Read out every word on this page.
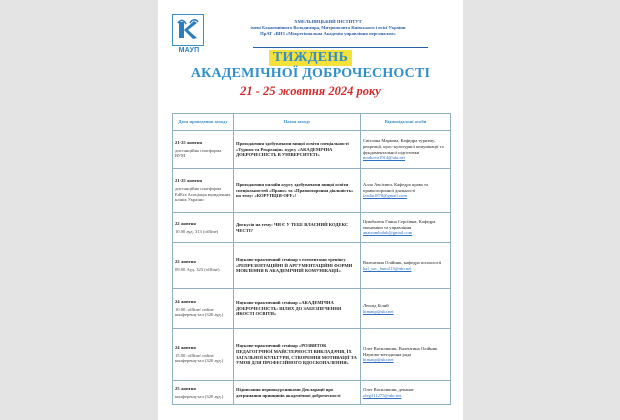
МАУП
ХМЕЛЬНИЦЬКИЙ ІНСТИТУТ
імені Блаженнішого Володимира, Митрополита Київського і всієї України
ПрАТ «ВНЗ «Міжрегіональна Академія управління персоналом»
ТИЖДЕНЬ
АКАДЕМІЧНОЇ ДОБРОЧЕСНОСТІ
21 - 25 жовтня 2024 року
Дата проведення заходу	Назва заходу	Відповідальні особи

21-25 жовтня
дистанційна платформа ВУМ	Проходження здобувачами вищої освіти спеціальності «Туризм та Рекреація» курсу «АКАДЕМІЧНА ДОБРОЧЕСНІСТЬ В УНІВЕРСИТЕТІ»	Світлана Маркова, Кафедра туризму, рекреації, крос-культурної комунікації та фундаментальної підготовки
markova1914@ukr.net

21-25 жовтня
дистанційна платформа EdEra Асоціація юридичних клінік України	Проходження онлайн курсу здобувачами вищої освіти спеціальностей «Право» та «Правоохоронна діяльність» на тему: «КОРУПЦІЯ-OFF»!	Алла Авсієвич, Кафедра права та правоохоронної діяльності
faisha1878@gmail.com

22 жовтня
10.00 ауд. 313 (offline)	Дискусія на тему: ЧИ Є У ТЕБЕ ВЛАСНИЙ КОДЕКС ЧЕСТІ?	Цимбалюк Ганна Сергіївна, Кафедра економіки та управління
anatsumbaluk@gmail.com

22 жовтня
09.00 Ауд. 323 (offline)	Науково-практичний семінар з елементами тренінгу «РЕПРЕЗЕНТАЦІЙНІ Й АРГУМЕНТАЦІЙНІ ФОРМИ МОВЛЕННЯ В АКАДЕМІЧНІЙ КОМУНІКАЦІЇ»	Валентина Олійник, кафедра психології
kaf_soc_hum213@ukr.net

24 жовтня
10.00. offline/ online конференц-зал (320 ауд.)	Науково-практичний семінар «АКАДЕМІЧНА ДОБРОЧЕСНІСТЬ: ШЛЯХ ДО ЗАБЕЗПЕЧЕННЯ ЯКОСТІ ОСВІТИ»	Леонід Білий
himaup@ukr.net

24 жовтня
15.00. offline/ online конференц-зал (320 ауд.)	Науково-практичний семінар «РОЗВИТОК ПЕДАГОГІЧНОЇ МАЙСТЕРНОСТІ ВИКЛАДАЧІВ, ЇХ ЗАГАЛЬНОЇ КУЛЬТУРИ, СТВОРЕННЯ МОТИВАЦІЇ ТА УМОВ ДЛЯ ПРОФЕСІЙНОГО ВДОСКОНАЛЕННЯ»	Олег Василишин, Валентина Олійник Науково-методична рада
himaup@ukr.net

25 жовтня
конференц-зал (320 ауд.)	Підписання першокурсниками Декларації про дотримання принципів академічної доброчесності	Олег Василишин, деканат
oleg311275@ukr.net
